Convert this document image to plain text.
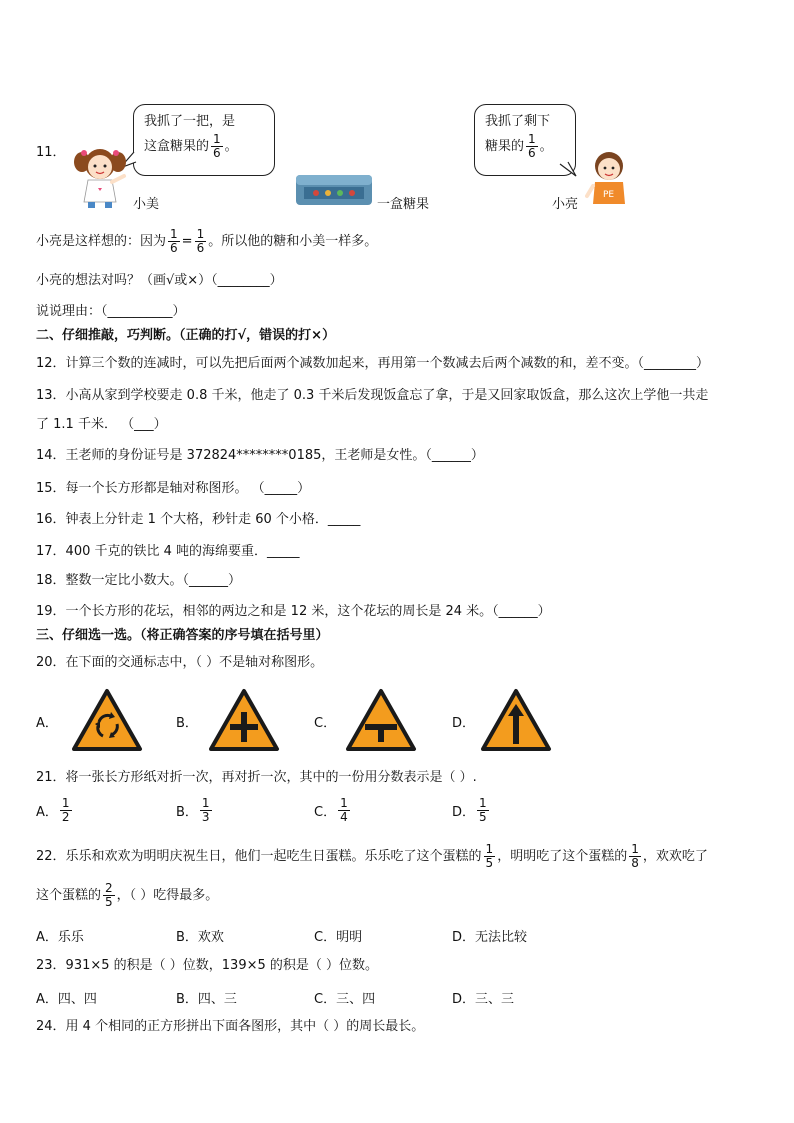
11．
我抓了一把，是
这盒糖果的 $\frac{1}{6}$ 。
小美	一盒糖果
我抓了剩下
糖果的 $\frac{1}{6}$ 。
PE
小亮
小亮是这样想的：因为 $\frac{1}{6} = \frac{1}{6}$ 。所以他的糖和小美一样多。
小亮的想法对吗？（画√或×）（________）
说说理由：（__________）
二、仔细推敲，巧判断。（正确的打√，错误的打×）
12．计算三个数的连减时，可以先把后面两个减数加起来，再用第一个数减去后两个减数的和，差不变。（________）
13．小高从家到学校要走 0.8 千米，他走了 0.3 千米后发现饭盒忘了拿，于是又回家取饭盒，那么这次上学他一共走
了 1.1 千米． （___）
14．王老师的身份证号是 372824********0185，王老师是女性。（______）
15．每一个长方形都是轴对称图形。 （_____）
16．钟表上分针走 1 个大格，秒针走 60 个小格．_____
17．400 千克的铁比 4 吨的海绵要重．_____
18．整数一定比小数大。（______）
19．一个长方形的花坛，相邻的两边之和是 12 米，这个花坛的周长是 24 米。（______）
三、仔细选一选。（将正确答案的序号填在括号里）
20．在下面的交通标志中，（ ）不是轴对称图形。
A．	B．	C．	D．
21．将一张长方形纸对折一次，再对折一次，其中的一份用分数表示是（ ）.
A． $\frac{1}{2}$	B． $\frac{1}{3}$	C． $\frac{1}{4}$	D． $\frac{1}{5}$
22．乐乐和欢欢为明明庆祝生日，他们一起吃生日蛋糕。乐乐吃了这个蛋糕的 $\frac{1}{5}$ ，明明吃了这个蛋糕的 $\frac{1}{8}$ ，欢欢吃了
这个蛋糕的 $\frac{2}{5}$ ，（ ）吃得最多。
A．乐乐	B．欢欢	C．明明	D．无法比较
23．931×5 的积是（ ）位数，139×5 的积是（ ）位数。
A．四、四	B．四、三	C．三、四	D．三、三
24．用 4 个相同的正方形拼出下面各图形，其中（ ）的周长最长。
